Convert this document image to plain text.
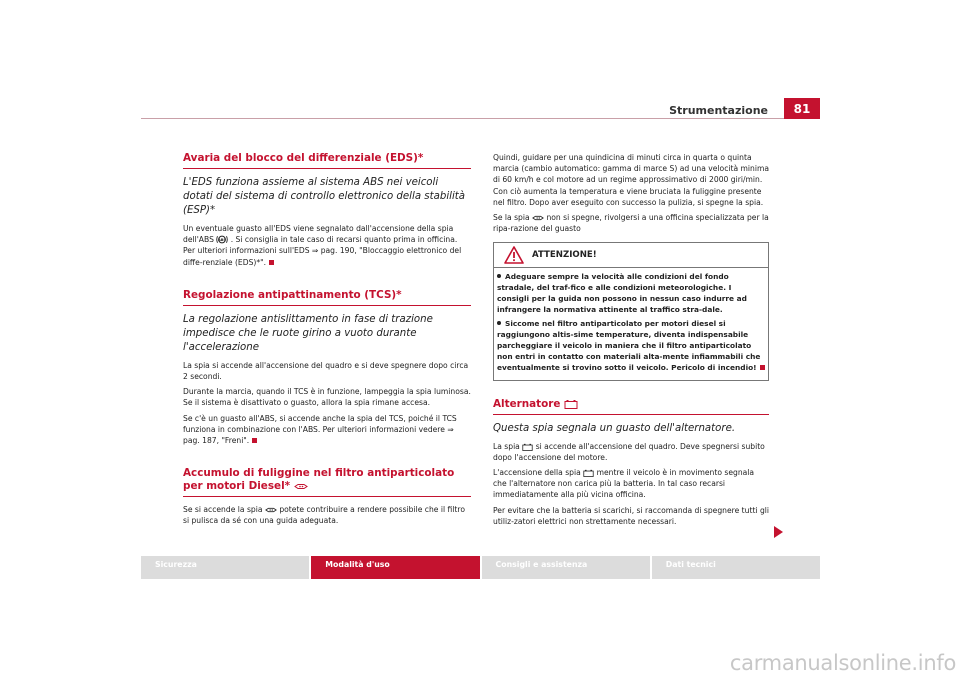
Strumentazione	81
Avaria del blocco del differenziale (EDS)*
L'EDS funziona assieme al sistema ABS nei veicoli dotati del sistema di controllo elettronico della stabilità (ESP)*
Un eventuale guasto all'EDS viene segnalato dall'accensione della spia dell'ABS ABS . Si consiglia in tale caso di recarsi quanto prima in officina. Per ulteriori informazioni sull'EDS ⇒ pag. 190, "Bloccaggio elettronico del diffe-renziale (EDS)*".
Regolazione antipattinamento (TCS)*
La regolazione antislittamento in fase di trazione impedisce che le ruote girino a vuoto durante l'accelerazione
La spia si accende all'accensione del quadro e si deve spegnere dopo circa 2 secondi.
Durante la marcia, quando il TCS è in funzione, lampeggia la spia luminosa. Se il sistema è disattivato o guasto, allora la spia rimane accesa.
Se c'è un guasto all'ABS, si accende anche la spia del TCS, poiché il TCS funziona in combinazione con l'ABS. Per ulteriori informazioni vedere ⇒ pag. 187, "Freni".
Accumulo di fuliggine nel filtro antiparticolato per motori Diesel*
Se si accende la spia potete contribuire a rendere possibile che il filtro si pulisca da sé con una guida adeguata.
Quindi, guidare per una quindicina di minuti circa in quarta o quinta marcia (cambio automatico: gamma di marce S) ad una velocità minima di 60 km/h e col motore ad un regime approssimativo di 2000 giri/min. Con ciò aumenta la temperatura e viene bruciata la fuliggine presente nel filtro. Dopo aver eseguito con successo la pulizia, si spegne la spia.
Se la spia non si spegne, rivolgersi a una officina specializzata per la ripa-razione del guasto
ATTENZIONE!
Adeguare sempre la velocità alle condizioni del fondo stradale, del traf-fico e alle condizioni meteorologiche. I consigli per la guida non possono in nessun caso indurre ad infrangere la normativa attinente al traffico stra-dale.
Siccome nel filtro antiparticolato per motori diesel si raggiungono altis-sime temperature, diventa indispensabile parcheggiare il veicolo in maniera che il filtro antiparticolato non entri in contatto con materiali alta-mente infiammabili che eventualmente si trovino sotto il veicolo. Pericolo di incendio!
Alternatore
Questa spia segnala un guasto dell'alternatore.
La spia si accende all'accensione del quadro. Deve spegnersi subito dopo l'accensione del motore.
L'accensione della spia mentre il veicolo è in movimento segnala che l'alternatore non carica più la batteria. In tal caso recarsi immediatamente alla più vicina officina.
Per evitare che la batteria si scarichi, si raccomanda di spegnere tutti gli utiliz-zatori elettrici non strettamente necessari.
Sicurezza	Modalità d'uso	Consigli e assistenza	Dati tecnici
carmanualsonline.info
